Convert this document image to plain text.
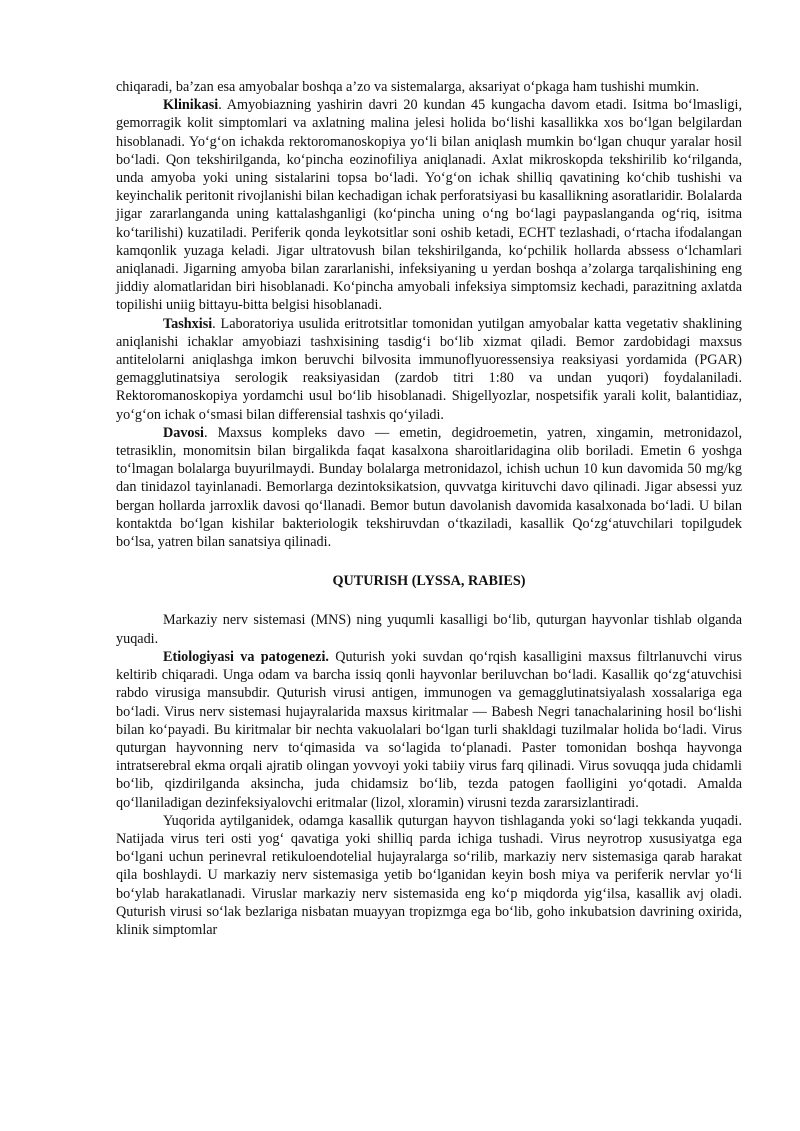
chiqaradi, ba’zan esa amyobalar boshqa a’zo va sistemalarga, aksariyat o‘pkaga ham tushishi mumkin.

Klinikasi. Amyobiazning yashirin davri 20 kundan 45 kungacha davom etadi. Isitma bo‘lmasligi, gemorragik kolit simptomlari va axlatning malina jelesi holida bo‘lishi kasallikka xos bo‘lgan belgilardan hisoblanadi. Yo‘g‘on ichakda rektoromanoskopiya yo‘li bilan aniqlash mumkin bo‘lgan chuqur yaralar hosil bo‘ladi. Qon tekshirilganda, ko‘pincha eozinofiliya aniqlanadi. Axlat mikroskopda tekshirilib ko‘rilganda, unda amyoba yoki uning sistalarini topsa bo‘ladi. Yo‘g‘on ichak shilliq qavatining ko‘chib tushishi va keyinchalik peritonit rivojlanishi bilan kechadigan ichak perforatsiyasi bu kasallikning asoratlaridir. Bolalarda jigar zararlanganda uning kattalashganligi (ko‘pincha uning o‘ng bo‘lagi paypaslanganda og‘riq, isitma ko‘tarilishi) kuzatiladi. Periferik qonda leykotsitlar soni oshib ketadi, ECHT tezlashadi, o‘rtacha ifodalangan kamqonlik yuzaga keladi. Jigar ultratovush bilan tekshirilganda, ko‘pchilik hollarda abssess o‘lchamlari aniqlanadi. Jigarning amyoba bilan zararlanishi, infeksiyaning u yerdan boshqa a’zolarga tarqalishining eng jiddiy alomatlaridan biri hisoblanadi. Ko‘pincha amyobali infeksiya simptomsiz kechadi, parazitning axlatda topilishi uniig bittayu-bitta belgisi hisoblanadi.

Tashxisi. Laboratoriya usulida eritrotsitlar tomonidan yutilgan amyobalar katta vegetativ shaklining aniqlanishi ichaklar amyobiazi tashxisining tasdig‘i bo‘lib xizmat qiladi. Bemor zardobidagi maxsus antitelolarni aniqlashga imkon beruvchi bilvosita immunoflyuoressensiya reaksiyasi yordamida (PGAR) gemagglutinatsiya serologik reaksiyasidan (zardob titri 1:80 va undan yuqori) foydalaniladi. Rektoromanoskopiya yordamchi usul bo‘lib hisoblanadi. Shigellyozlar, nospetsifik yarali kolit, balantidiaz, yo‘g‘on ichak o‘smasi bilan differensial tashxis qo‘yiladi.

Davosi. Maxsus kompleks davo — emetin, degidroemetin, yatren, xingamin, metronidazol, tetrasiklin, monomitsin bilan birgalikda faqat kasalxona sharoitlaridagina olib boriladi. Emetin 6 yoshga to‘lmagan bolalarga buyurilmaydi. Bunday bolalarga metronidazol, ichish uchun 10 kun davomida 50 mg/kg dan tinidazol tayinlanadi. Bemorlarga dezintoksikatsion, quvvatga kirituvchi davo qilinadi. Jigar absessi yuz bergan hollarda jarroxlik davosi qo‘llanadi. Bemor butun davolanish davomida kasalxonada bo‘ladi. U bilan kontaktda bo‘lgan kishilar bakteriologik tekshiruvdan o‘tkaziladi, kasallik Qo‘zg‘atuvchilari topilgudek bo‘lsa, yatren bilan sanatsiya qilinadi.

QUTURISH (LYSSA, RABIES)

Markaziy nerv sistemasi (MNS) ning yuqumli kasalligi bo‘lib, quturgan hayvonlar tishlab olganda yuqadi.

Etiologiyasi va patogenezi. Quturish yoki suvdan qo‘rqish kasalligini maxsus filtrlanuvchi virus keltirib chiqaradi. Unga odam va barcha issiq qonli hayvonlar beriluvchan bo‘ladi. Kasallik qo‘zg‘atuvchisi rabdo virusiga mansubdir. Quturish virusi antigen, immunogen va gemagglutinatsiyalash xossalariga ega bo‘ladi. Virus nerv sistemasi hujayralarida maxsus kiritmalar — Babesh Negri tanachalarining hosil bo‘lishi bilan ko‘payadi. Bu kiritmalar bir nechta vakuolalari bo‘lgan turli shakldagi tuzilmalar holida bo‘ladi. Virus quturgan hayvonning nerv to‘qimasida va so‘lagida to‘planadi. Paster tomonidan boshqa hayvonga intratserebral ekma orqali ajratib olingan yovvoyi yoki tabiiy virus farq qilinadi. Virus sovuqqa juda chidamli bo‘lib, qizdirilganda aksincha, juda chidamsiz bo‘lib, tezda patogen faolligini yo‘qotadi. Amalda qo‘llaniladigan dezinfeksiyalovchi eritmalar (lizol, xloramin) virusni tezda zararsizlantiradi.

Yuqorida aytilganidek, odamga kasallik quturgan hayvon tishlaganda yoki so‘lagi tekkanda yuqadi. Natijada virus teri osti yog‘ qavatiga yoki shilliq parda ichiga tushadi. Virus neyrotrop xususiyatga ega bo‘lgani uchun perinevral retikuloendotelial hujayralarga so‘rilib, markaziy nerv sistemasiga qarab harakat qila boshlaydi. U markaziy nerv sistemasiga yetib bo‘lganidan keyin bosh miya va periferik nervlar yo‘li bo‘ylab harakatlanadi. Viruslar markaziy nerv sistemasida eng ko‘p miqdorda yig‘ilsa, kasallik avj oladi. Quturish virusi so‘lak bezlariga nisbatan muayyan tropizmga ega bo‘lib, goho inkubatsion davrining oxirida, klinik simptomlar
